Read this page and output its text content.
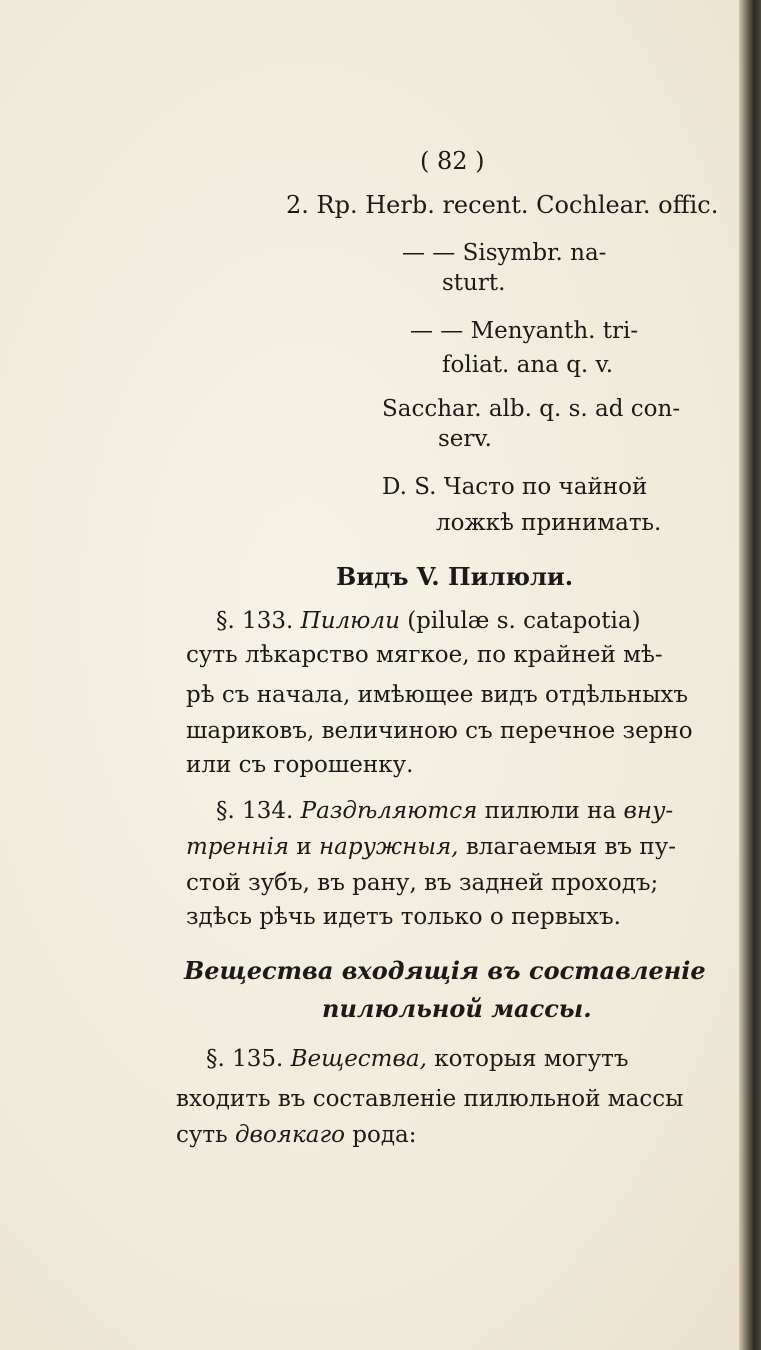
( 82 )
2. Rp. Herb. recent. Cochlear. offic.
— — Sisymbr. na-
sturt.
— — Menyanth. tri-
foliat. ana q. v.
Sacchar. alb. q. s. ad con-
serv.
D. S. Часто по чайной
ложкѣ принимать.
Видъ V. Пилюли.
§. 133. Пилюли (pilulæ s. catapotia)
суть лѣкарство мягкое, по крайней мѣ-
рѣ съ начала, имѣющее видъ отдѣльныхъ
шариковъ, величиною съ перечное зерно
или съ горошенку.
§. 134. Раздѣляются пилюли на вну-
треннія и наружныя, влагаемыя въ пу-
стой зубъ, въ рану, въ задней проходъ;
здѣсь рѣчь идетъ только о первыхъ.
Вещества входящія въ составленіе
пилюльной массы.
§. 135. Вещества, которыя могутъ
входить въ составленіе пилюльной массы
суть двоякаго рода:
